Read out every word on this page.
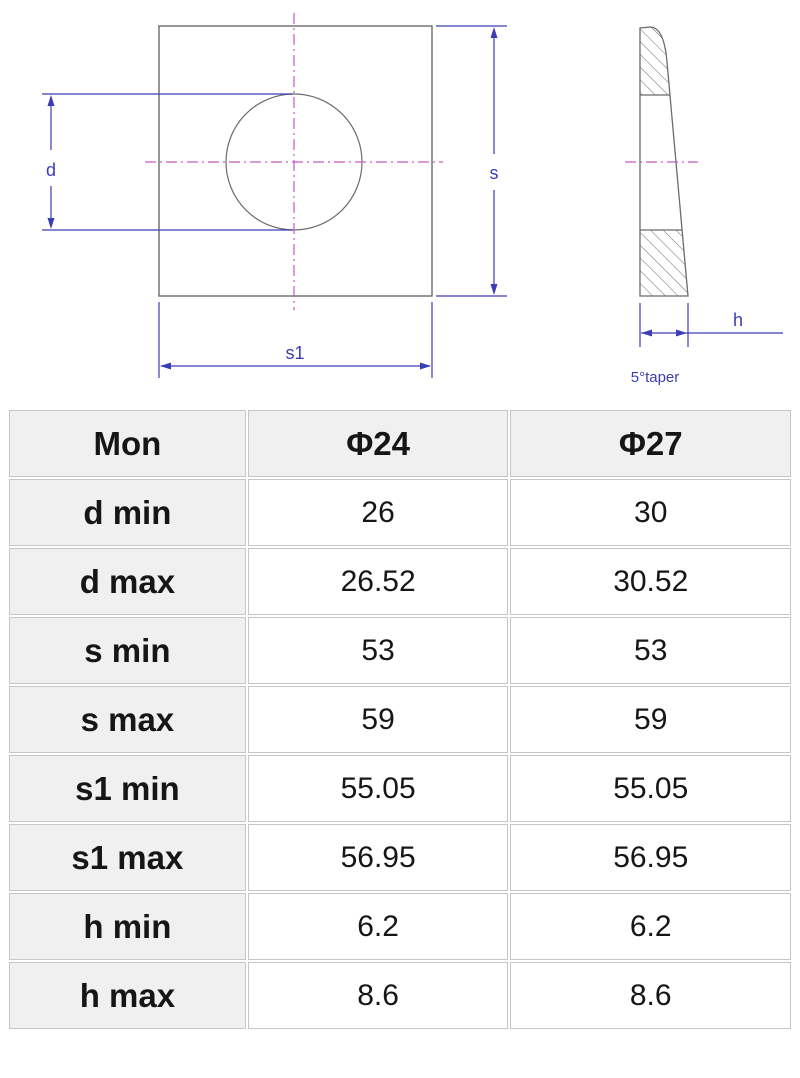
d	s
s1
h
5°taper
Mon	Φ24	Φ27
d min	26	30
d max	26.52	30.52
s min	53	53
s max	59	59
s1 min	55.05	55.05
s1 max	56.95	56.95
h min	6.2	6.2
h max	8.6	8.6
